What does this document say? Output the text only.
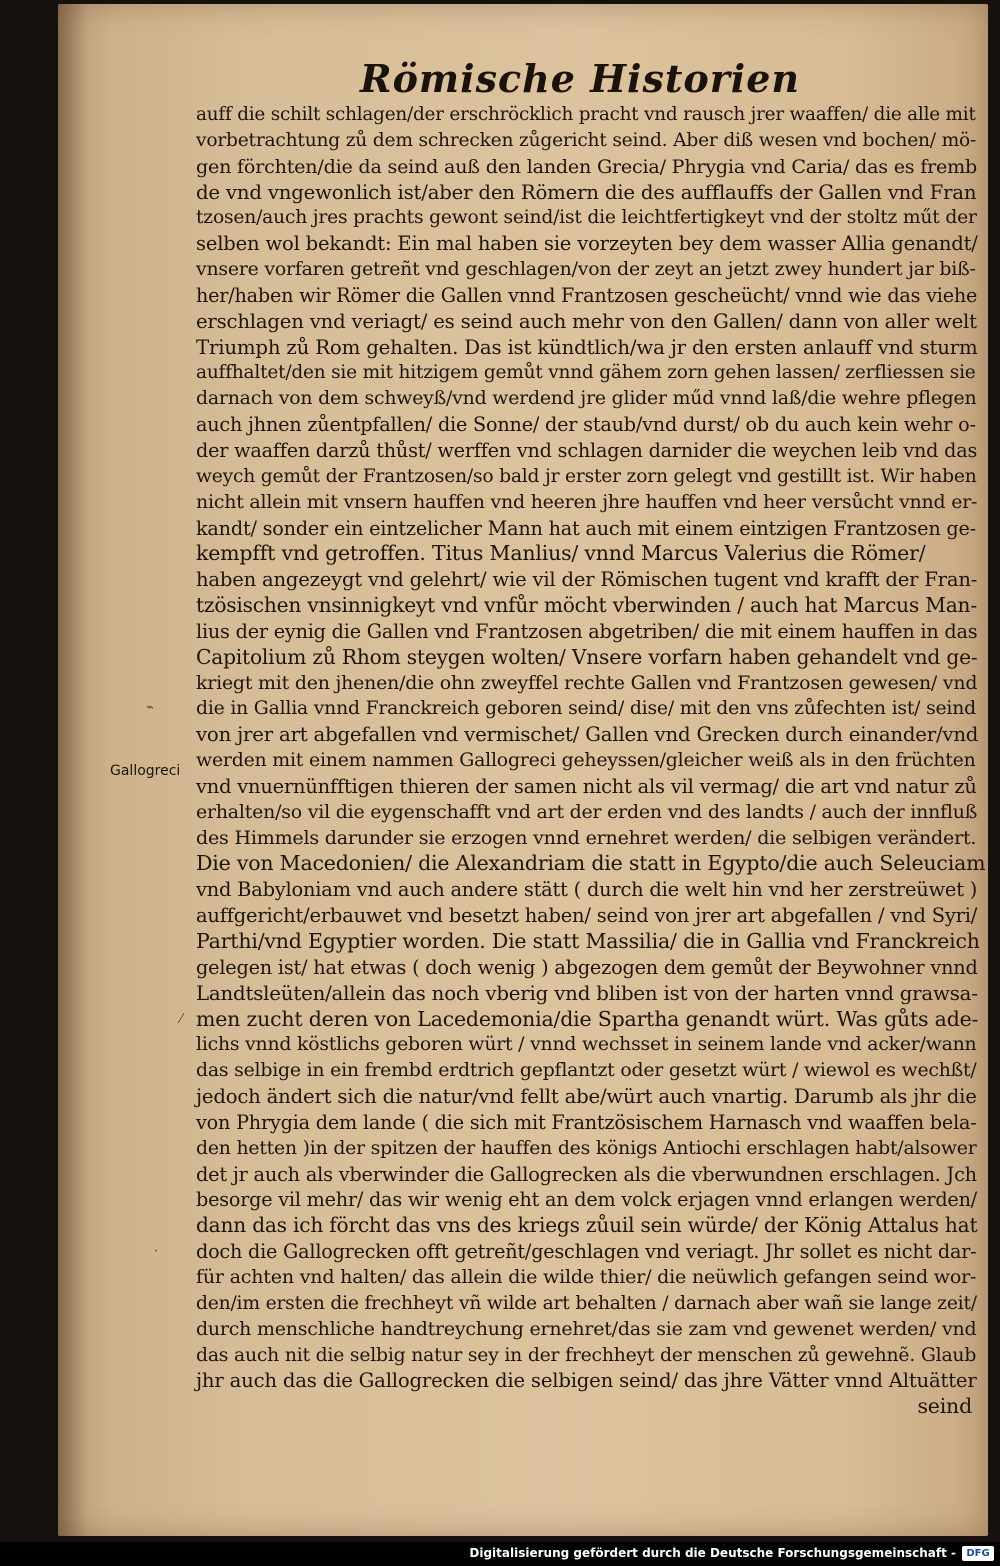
Römische Historien
Gallogreci
auff die schilt schlagen/der erschröcklich pracht vnd rausch jrer waaffen/ die alle mit
vorbetrachtung zů dem schrecken zůgericht seind. Aber diß wesen vnd bochen/ mö-
gen förchten/die da seind auß den landen Grecia/ Phrygia vnd Caria/ das es fremb
de vnd vngewonlich ist/aber den Römern die des aufflauffs der Gallen vnd Fran
tzosen/auch jres prachts gewont seind/ist die leichtfertigkeyt vnd der stoltz műt der
selben wol bekandt: Ein mal haben sie vorzeyten bey dem wasser Allia genandt/
vnsere vorfaren getreñt vnd geschlagen/von der zeyt an jetzt zwey hundert jar biß-
her/haben wir Römer die Gallen vnnd Frantzosen gescheücht/ vnnd wie das viehe
erschlagen vnd veriagt/ es seind auch mehr von den Gallen/ dann von aller welt
Triumph zů Rom gehalten. Das ist kündtlich/wa jr den ersten anlauff vnd sturm
auffhaltet/den sie mit hitzigem gemůt vnnd gähem zorn gehen lassen/ zerfliessen sie
darnach von dem schweyß/vnd werdend jre glider műd vnnd laß/die wehre pflegen
auch jhnen zůentpfallen/ die Sonne/ der staub/vnd durst/ ob du auch kein wehr o-
der waaffen darzů thůst/ werffen vnd schlagen darnider die weychen leib vnd das
weych gemůt der Frantzosen/so bald jr erster zorn gelegt vnd gestillt ist. Wir haben
nicht allein mit vnsern hauffen vnd heeren jhre hauffen vnd heer versůcht vnnd er-
kandt/ sonder ein eintzelicher Mann hat auch mit einem eintzigen Frantzosen ge-
kempfft vnd getroffen. Titus Manlius/ vnnd Marcus Valerius die Römer/
haben angezeygt vnd gelehrt/ wie vil der Römischen tugent vnd krafft der Fran-
tzösischen vnsinnigkeyt vnd vnfůr möcht vberwinden / auch hat Marcus Man-
lius der eynig die Gallen vnd Frantzosen abgetriben/ die mit einem hauffen in das
Capitolium zů Rhom steygen wolten/ Vnsere vorfarn haben gehandelt vnd ge-
kriegt mit den jhenen/die ohn zweyffel rechte Gallen vnd Frantzosen gewesen/ vnd
die in Gallia vnnd Franckreich geboren seind/ dise/ mit den vns zůfechten ist/ seind
von jrer art abgefallen vnd vermischet/ Gallen vnd Grecken durch einander/vnd
werden mit einem nammen Gallogreci geheyssen/gleicher weiß als in den früchten
vnd vnuernünfftigen thieren der samen nicht als vil vermag/ die art vnd natur zů
erhalten/so vil die eygenschafft vnd art der erden vnd des landts / auch der innfluß
des Himmels darunder sie erzogen vnnd ernehret werden/ die selbigen verändert.
Die von Macedonien/ die Alexandriam die statt in Egypto/die auch Seleuciam
vnd Babyloniam vnd auch andere stätt ( durch die welt hin vnd her zerstreüwet )
auffgericht/erbauwet vnd besetzt haben/ seind von jrer art abgefallen / vnd Syri/
Parthi/vnd Egyptier worden. Die statt Massilia/ die in Gallia vnd Franckreich
gelegen ist/ hat etwas ( doch wenig ) abgezogen dem gemůt der Beywohner vnnd
Landtsleüten/allein das noch vberig vnd bliben ist von der harten vnnd grawsa-
men zucht deren von Lacedemonia/die Spartha genandt würt. Was gůts ade-
lichs vnnd köstlichs geboren würt / vnnd wechsset in seinem lande vnd acker/wann
das selbige in ein frembd erdtrich gepflantzt oder gesetzt würt / wiewol es wechßt/
jedoch ändert sich die natur/vnd fellt abe/würt auch vnartig. Darumb als jhr die
von Phrygia dem lande ( die sich mit Frantzösischem Harnasch vnd waaffen bela-
den hetten )in der spitzen der hauffen des königs Antiochi erschlagen habt/alsower
det jr auch als vberwinder die Gallogrecken als die vberwundnen erschlagen. Jch
besorge vil mehr/ das wir wenig eht an dem volck erjagen vnnd erlangen werden/
dann das ich förcht das vns des kriegs zůuil sein würde/ der König Attalus hat
doch die Gallogrecken offt getreñt/geschlagen vnd veriagt. Jhr sollet es nicht dar-
für achten vnd halten/ das allein die wilde thier/ die neüwlich gefangen seind wor-
den/im ersten die frechheyt vñ wilde art behalten / darnach aber wañ sie lange zeit/
durch menschliche handtreychung ernehret/das sie zam vnd gewenet werden/ vnd
das auch nit die selbig natur sey in der frechheyt der menschen zů gewehnẽ. Glaub
jhr auch das die Gallogrecken die selbigen seind/ das jhre Vätter vnnd Altuätter
seind
⌁
⁄
·
Digitalisierung gefördert durch die Deutsche Forschungsgemeinschaft -	DFG
